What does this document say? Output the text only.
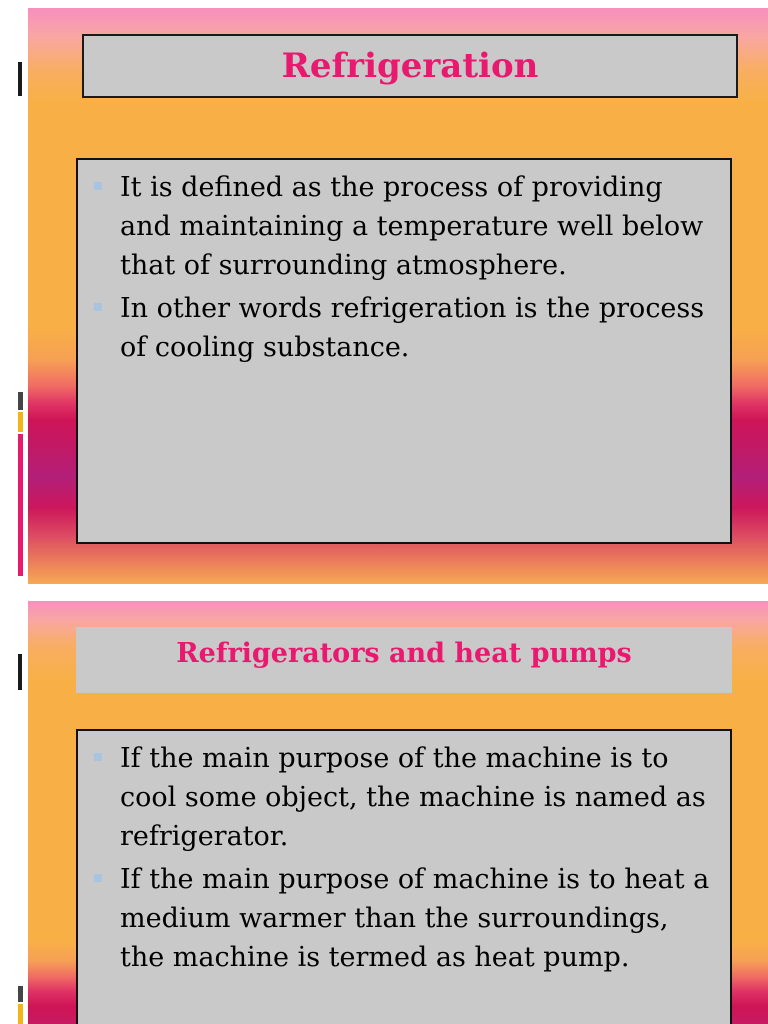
Refrigeration
It is defined as the process of providing and maintaining a temperature well below that of surrounding atmosphere.
In other words refrigeration is the process of cooling substance.
Refrigerators and heat pumps
If the main purpose of the machine is to cool some object, the machine is named as refrigerator.
If the main purpose of machine is to heat a medium warmer than the surroundings, the machine is termed as heat pump.
